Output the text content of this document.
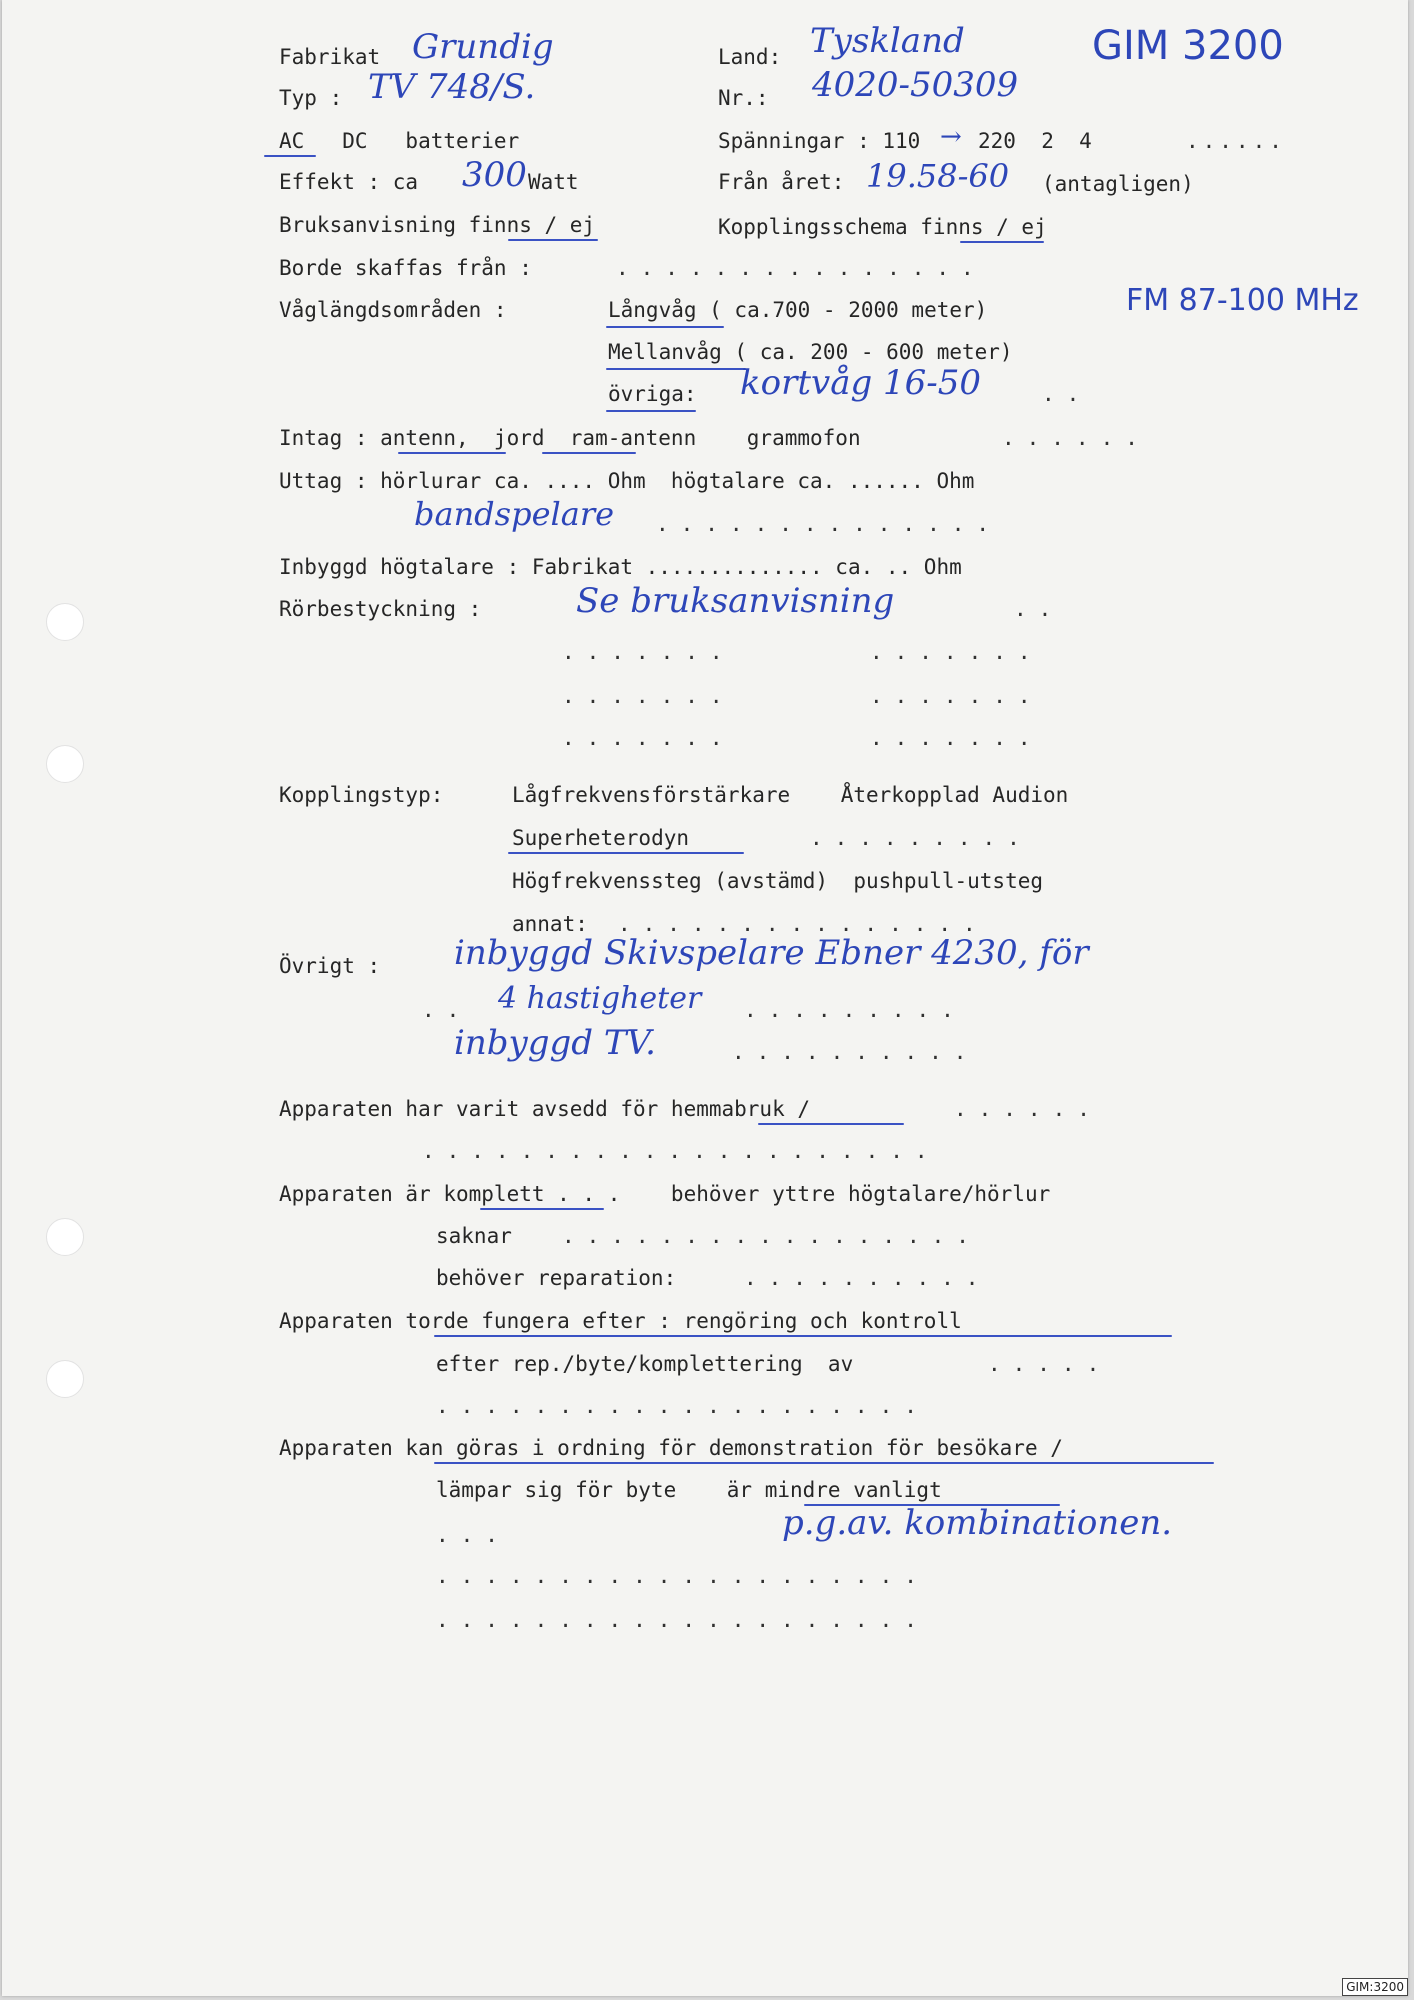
Fabrikat Grundig	Land: Tyskland	GIM 3200
Typ : TV 748/S.	Nr.: 4020-50309
AC   DC   batterier	Spänningar : 110 → 220  2  4	......
Effekt : ca 300 Watt	Från året: 19.58-60 (antagligen)
Bruksanvisning finns / ej	Kopplingsschema finns / ej
Borde skaffas från :	...............
Våglängdsområden :	Långvåg ( ca.700 - 2000 meter)	FM 87-100 MHz
Mellanvåg ( ca. 200 - 600 meter)
övriga: kortvåg 16-50	..
Intag : antenn,  jord  ram-antenn    grammofon	......
Uttag : hörlurar ca. .... Ohm  högtalare ca. ...... Ohm
bandspelare ..............
Inbyggd högtalare : Fabrikat .............. ca. .. Ohm
Rörbestyckning :	Se bruksanvisning	..
.......	.......
.......	.......
.......	.......
Kopplingstyp:	Lågfrekvensförstärkare    Återkopplad Audion
Superheterodyn	.........
Högfrekvenssteg (avstämd)  pushpull-utsteg
annat: ...............
Övrigt : inbyggd Skivspelare Ebner 4230, för
4 hastigheter
..	.........
inbyggd TV.	..........
Apparaten har varit avsedd för hemmabruk /	......
.....................
Apparaten är komplett . . .    behöver yttre högtalare/hörlur
saknar .................
behöver reparation:	..........
Apparaten torde fungera efter : rengöring och kontroll
efter rep./byte/komplettering  av	.....
....................
Apparaten kan göras i ordning för demonstration för besökare /
lämpar sig för byte    är mindre vanligt
p.g.av. kombinationen.
...
....................
....................
GIM:3200
